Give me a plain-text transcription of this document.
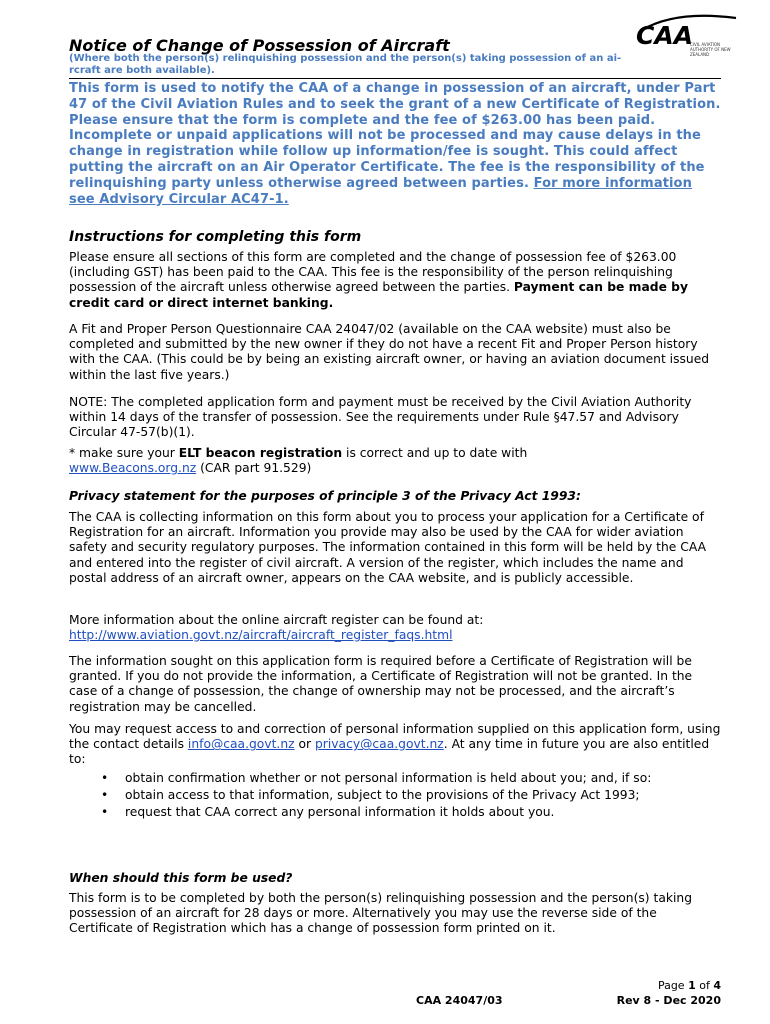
CAA
CIVIL AVIATION AUTHORITY OF NEW ZEALAND
Notice of Change of Possession of Aircraft
(Where both the person(s) relinquishing possession and the person(s) taking possession of an ai-
rcraft are both available).

This form is used to notify the CAA of a change in possession of an aircraft, under Part 47 of the Civil Aviation Rules and to seek the grant of a new Certificate of Registration. Please ensure that the form is complete and the fee of $263.00 has been paid. Incomplete or unpaid applications will not be processed and may cause delays in the change in registration while follow up information/fee is sought. This could affect putting the aircraft on an Air Operator Certificate. The fee is the responsibility of the relinquishing party unless otherwise agreed between parties. For more information see Advisory Circular AC47-1.

Instructions for completing this form

Please ensure all sections of this form are completed and the change of possession fee of $263.00 (including GST) has been paid to the CAA. This fee is the responsibility of the person relinquishing possession of the aircraft unless otherwise agreed between the parties. Payment can be made by credit card or direct internet banking.

A Fit and Proper Person Questionnaire CAA 24047/02 (available on the CAA website) must also be completed and submitted by the new owner if they do not have a recent Fit and Proper Person history with the CAA. (This could be by being an existing aircraft owner, or having an aviation document issued within the last five years.)

NOTE: The completed application form and payment must be received by the Civil Aviation Authority within 14 days of the transfer of possession. See the requirements under Rule §47.57 and Advisory Circular 47-57(b)(1).

* make sure your ELT beacon registration is correct and up to date with
www.Beacons.org.nz (CAR part 91.529)

Privacy statement for the purposes of principle 3 of the Privacy Act 1993:

The CAA is collecting information on this form about you to process your application for a Certificate of Registration for an aircraft. Information you provide may also be used by the CAA for wider aviation safety and security regulatory purposes. The information contained in this form will be held by the CAA and entered into the register of civil aircraft. A version of the register, which includes the name and postal address of an aircraft owner, appears on the CAA website, and is publicly accessible.

More information about the online aircraft register can be found at:
http://www.aviation.govt.nz/aircraft/aircraft_register_faqs.html

The information sought on this application form is required before a Certificate of Registration will be granted. If you do not provide the information, a Certificate of Registration will not be granted. In the case of a change of possession, the change of ownership may not be processed, and the aircraft’s registration may be cancelled.

You may request access to and correction of personal information supplied on this application form, using the contact details info@caa.govt.nz or privacy@caa.govt.nz. At any time in future you are also entitled to:

• obtain confirmation whether or not personal information is held about you; and, if so:
• obtain access to that information, subject to the provisions of the Privacy Act 1993;
• request that CAA correct any personal information it holds about you.
When should this form be used?

This form is to be completed by both the person(s) relinquishing possession and the person(s) taking possession of an aircraft for 28 days or more. Alternatively you may use the reverse side of the Certificate of Registration which has a change of possession form printed on it.

Page 1 of 4

CAA 24047/03	Rev 8 - Dec 2020
